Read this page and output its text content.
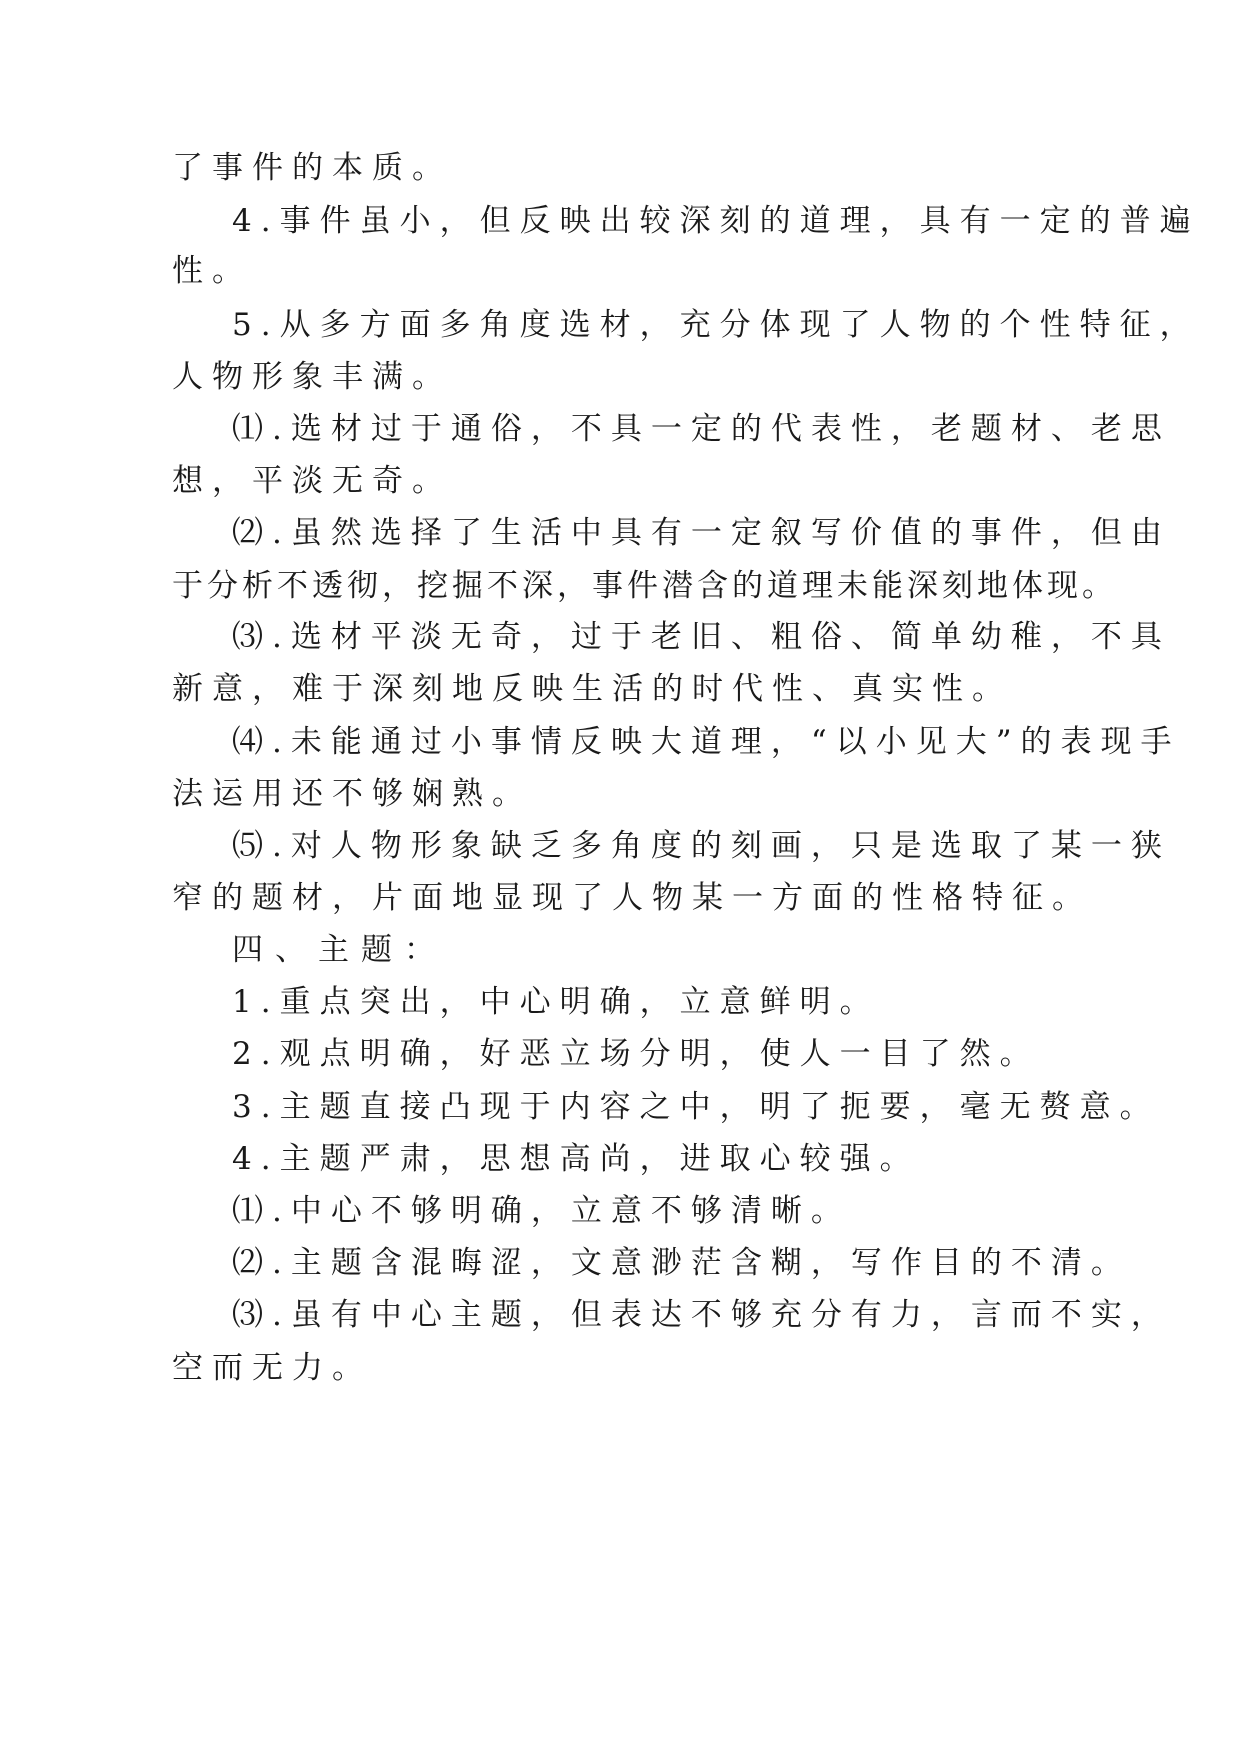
了事件的本质。
4.事件虽小，但反映出较深刻的道理，具有一定的普遍
性。
5.从多方面多角度选材，充分体现了人物的个性特征，
人物形象丰满。
⑴.选材过于通俗，不具一定的代表性，老题材、老思
想，平淡无奇。
⑵.虽然选择了生活中具有一定叙写价值的事件，但由
于分析不透彻，挖掘不深，事件潜含的道理未能深刻地体现。
⑶.选材平淡无奇，过于老旧、粗俗、简单幼稚，不具
新意，难于深刻地反映生活的时代性、真实性。
⑷.未能通过小事情反映大道理，“以小见大”的表现手
法运用还不够娴熟。
⑸.对人物形象缺乏多角度的刻画，只是选取了某一狭
窄的题材，片面地显现了人物某一方面的性格特征。
四、主题：
1.重点突出，中心明确，立意鲜明。
2.观点明确，好恶立场分明，使人一目了然。
3.主题直接凸现于内容之中，明了扼要，毫无赘意。
4.主题严肃，思想高尚，进取心较强。
⑴.中心不够明确，立意不够清晰。
⑵.主题含混晦涩，文意渺茫含糊，写作目的不清。
⑶.虽有中心主题，但表达不够充分有力，言而不实，
空而无力。
